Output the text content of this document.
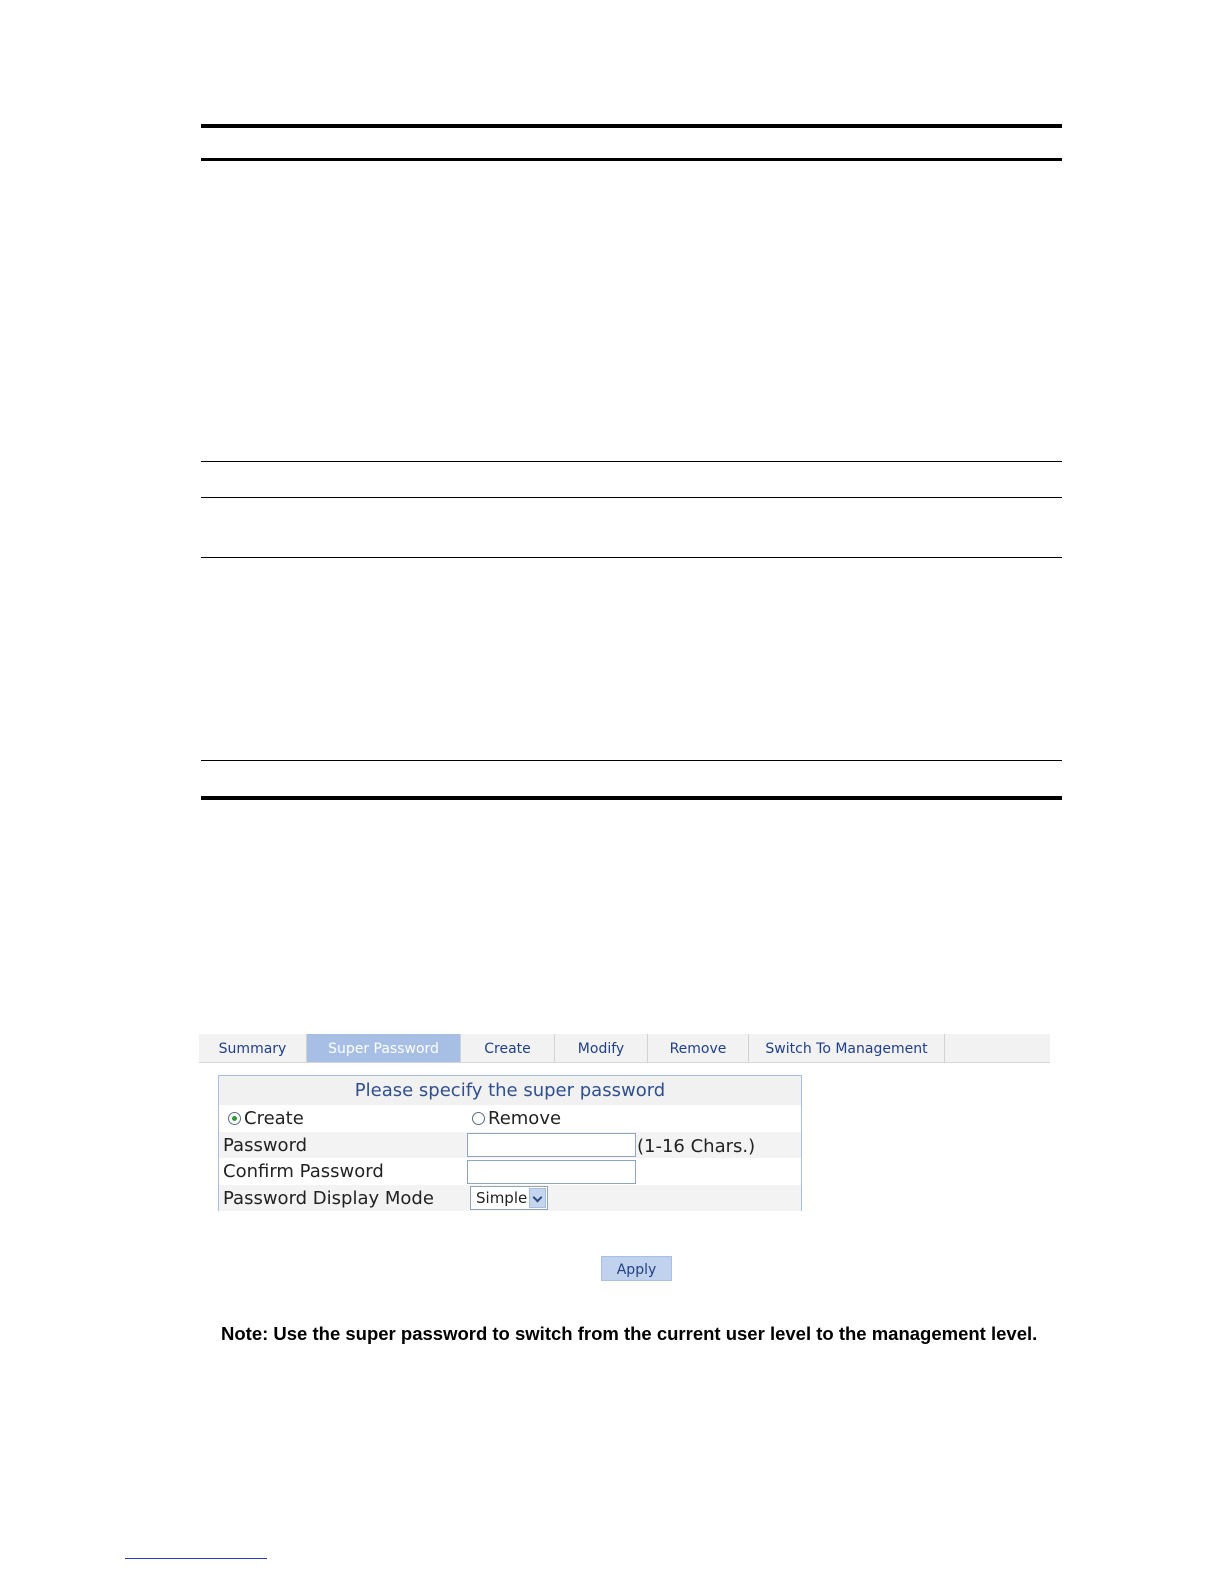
Summary	Super Password	Create	Modify	Remove	Switch To Management
Please specify the super password
Create	Remove
Password	(1-16 Chars.)
Confirm Password
Password Display Mode	Simple
Apply
Note: Use the super password to switch from the current user level to the management level.
